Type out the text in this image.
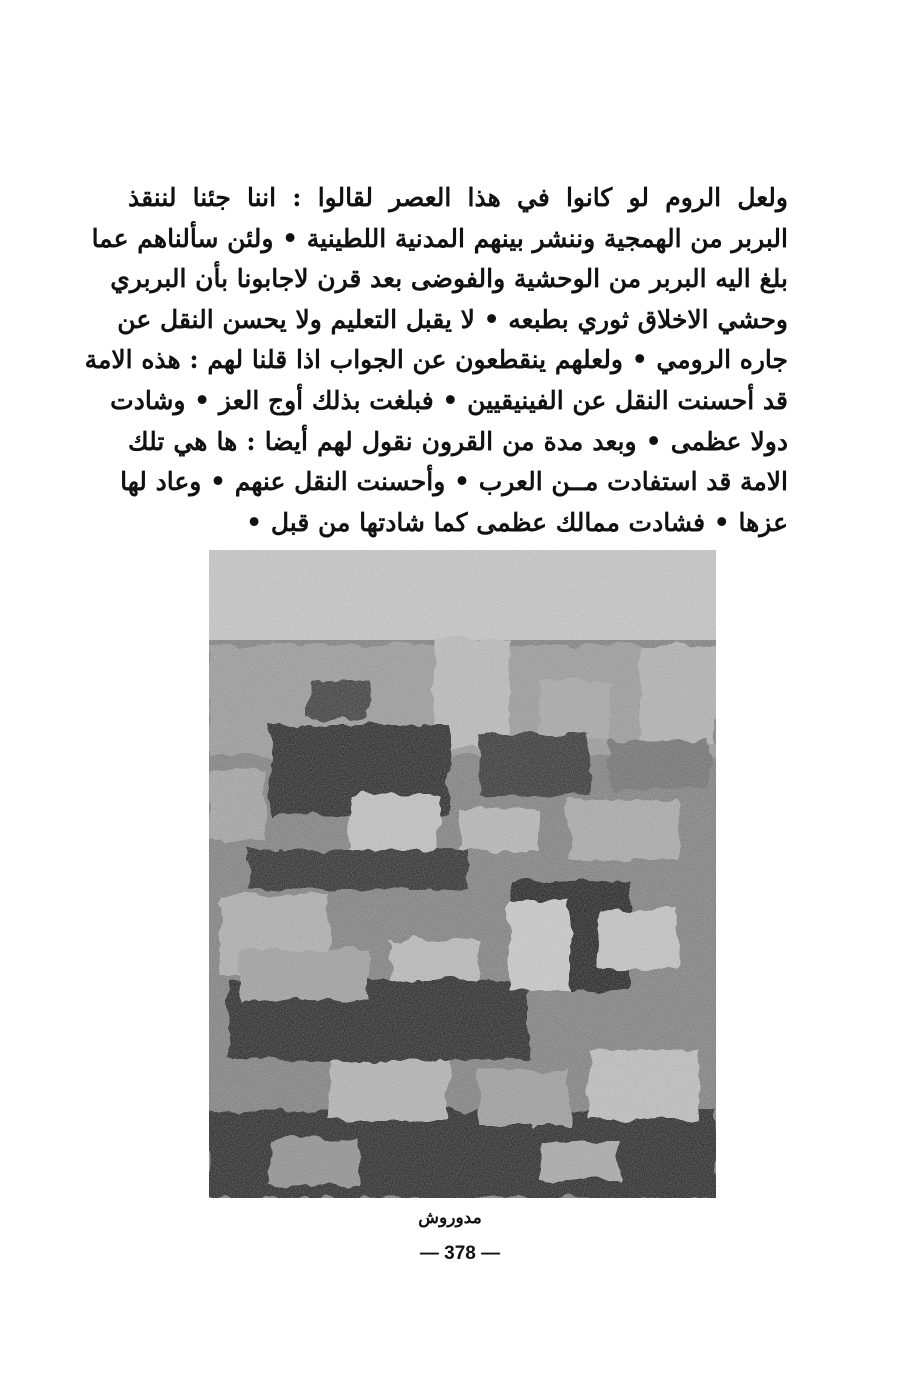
ولعل الروم لو كانوا في هذا العصر لقالوا : اننا جئنا لننقذ
البربر من الهمجية وننشر بينهم المدنية اللطينية • ولئن سألناهم عما
بلغ اليه البربر من الوحشية والفوضى بعد قرن لاجابونا بأن البربري
وحشي الاخلاق ثوري بطبعه • لا يقبل التعليم ولا يحسن النقل عن
جاره الرومي • ولعلهم ينقطعون عن الجواب اذا قلنا لهم : هذه الامة
قد أحسنت النقل عن الفينيقيين • فبلغت بذلك أوج العز • وشادت
دولا عظمى • وبعد مدة من القرون نقول لهم أيضا : ها هي تلك
الامة قد استفادت مــن العرب • وأحسنت النقل عنهم • وعاد لها
عزها • فشادت ممالك عظمى كما شادتها من قبل •
مدوروش
— 378 —
